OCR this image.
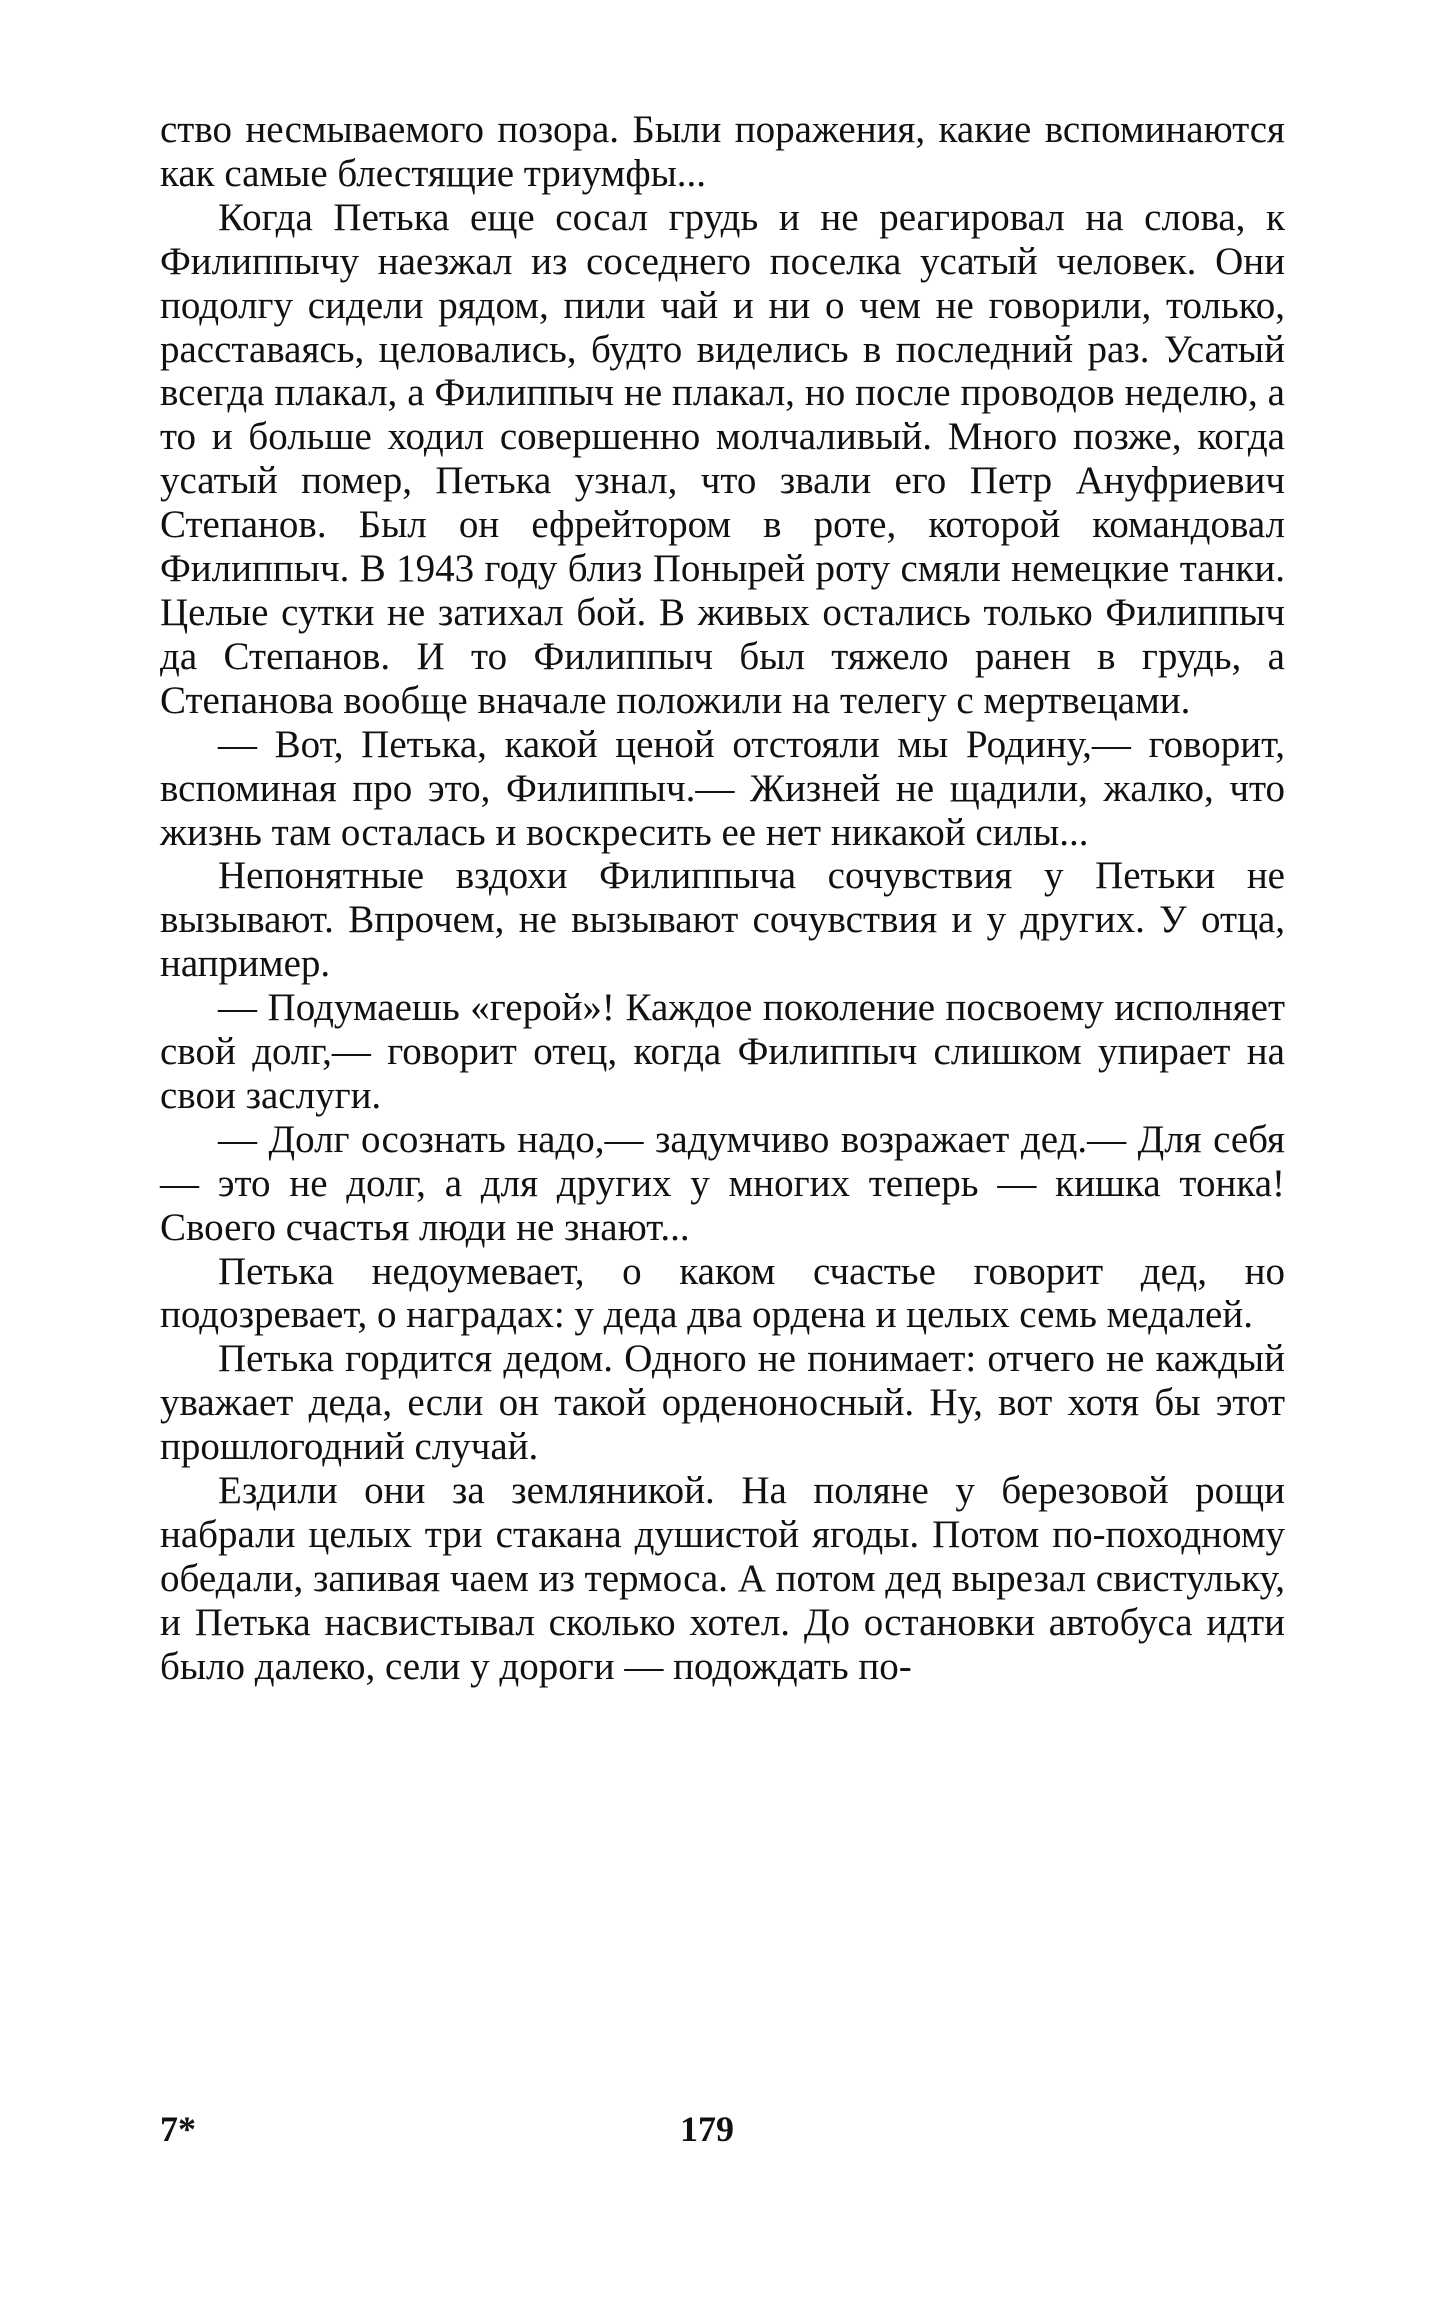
ство несмываемого позора. Были поражения, какие вспоминаются как самые блестящие триумфы...

Когда Петька еще сосал грудь и не реагировал на слова, к Филиппычу наезжал из соседнего поселка усатый человек. Они подолгу сидели рядом, пили чай и ни о чем не говорили, только, расставаясь, целовались, будто виделись в последний раз. Усатый всегда плакал, а Филиппыч не плакал, но после проводов неделю, а то и больше ходил совершенно молчаливый. Много позже, когда усатый помер, Петька узнал, что звали его Петр Ануфриевич Степанов. Был он ефрейтором в роте, которой командовал Филиппыч. В 1943 году близ Понырей роту смяли немецкие танки. Целые сутки не затихал бой. В живых остались только Филиппыч да Степанов. И то Филиппыч был тяжело ранен в грудь, а Степанова вообще вначале положили на телегу с мертвецами.

— Вот, Петька, какой ценой отстояли мы Родину,— говорит, вспоминая про это, Филиппыч.— Жизней не щадили, жалко, что жизнь там осталась и воскресить ее нет никакой силы...

Непонятные вздохи Филиппыча сочувствия у Петьки не вызывают. Впрочем, не вызывают сочувствия и у других. У отца, например.

— Подумаешь «герой»! Каждое поколение посвоему исполняет свой долг,— говорит отец, когда Филиппыч слишком упирает на свои заслуги.

— Долг осознать надо,— задумчиво возражает дед.— Для себя — это не долг, а для других у многих теперь — кишка тонка! Своего счастья люди не знают...

Петька недоумевает, о каком счастье говорит дед, но подозревает, о наградах: у деда два ордена и целых семь медалей.

Петька гордится дедом. Одного не понимает: отчего не каждый уважает деда, если он такой орденоносный. Ну, вот хотя бы этот прошлогодний случай.

Ездили они за земляникой. На поляне у березовой рощи набрали целых три стакана душистой ягоды. Потом по-походному обедали, запивая чаем из термоса. А потом дед вырезал свистульку, и Петька насвистывал сколько хотел. До остановки автобуса идти было далеко, сели у дороги — подождать по-

7*	179
